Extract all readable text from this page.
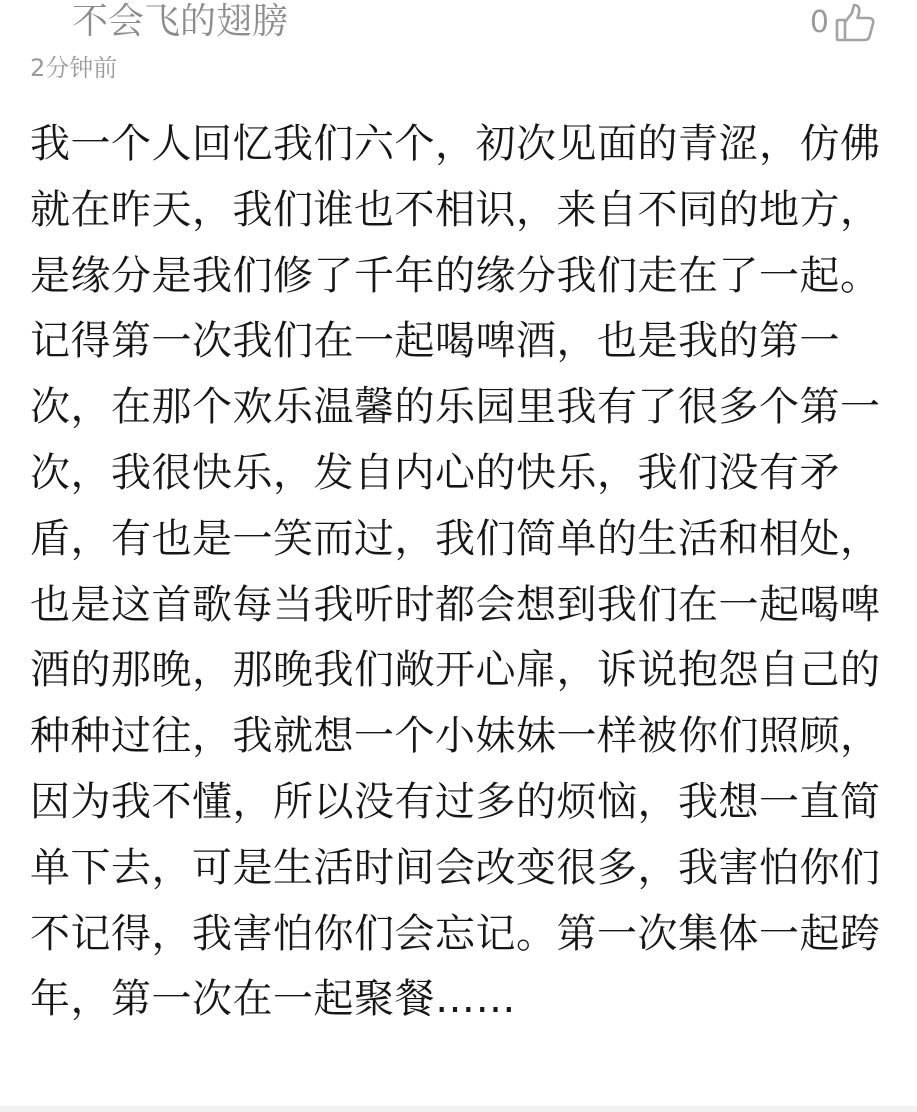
不会飞的翅膀
2分钟前
0

我一个人回忆我们六个，初次见面的青涩，仿佛就在昨天，我们谁也不相识，来自不同的地方，是缘分是我们修了千年的缘分我们走在了一起。记得第一次我们在一起喝啤酒，也是我的第一次，在那个欢乐温馨的乐园里我有了很多个第一次，我很快乐，发自内心的快乐，我们没有矛盾，有也是一笑而过，我们简单的生活和相处，也是这首歌每当我听时都会想到我们在一起喝啤酒的那晚，那晚我们敞开心扉，诉说抱怨自己的种种过往，我就想一个小妹妹一样被你们照顾，因为我不懂，所以没有过多的烦恼，我想一直简单下去，可是生活时间会改变很多，我害怕你们不记得，我害怕你们会忘记。第一次集体一起跨年，第一次在一起聚餐……
